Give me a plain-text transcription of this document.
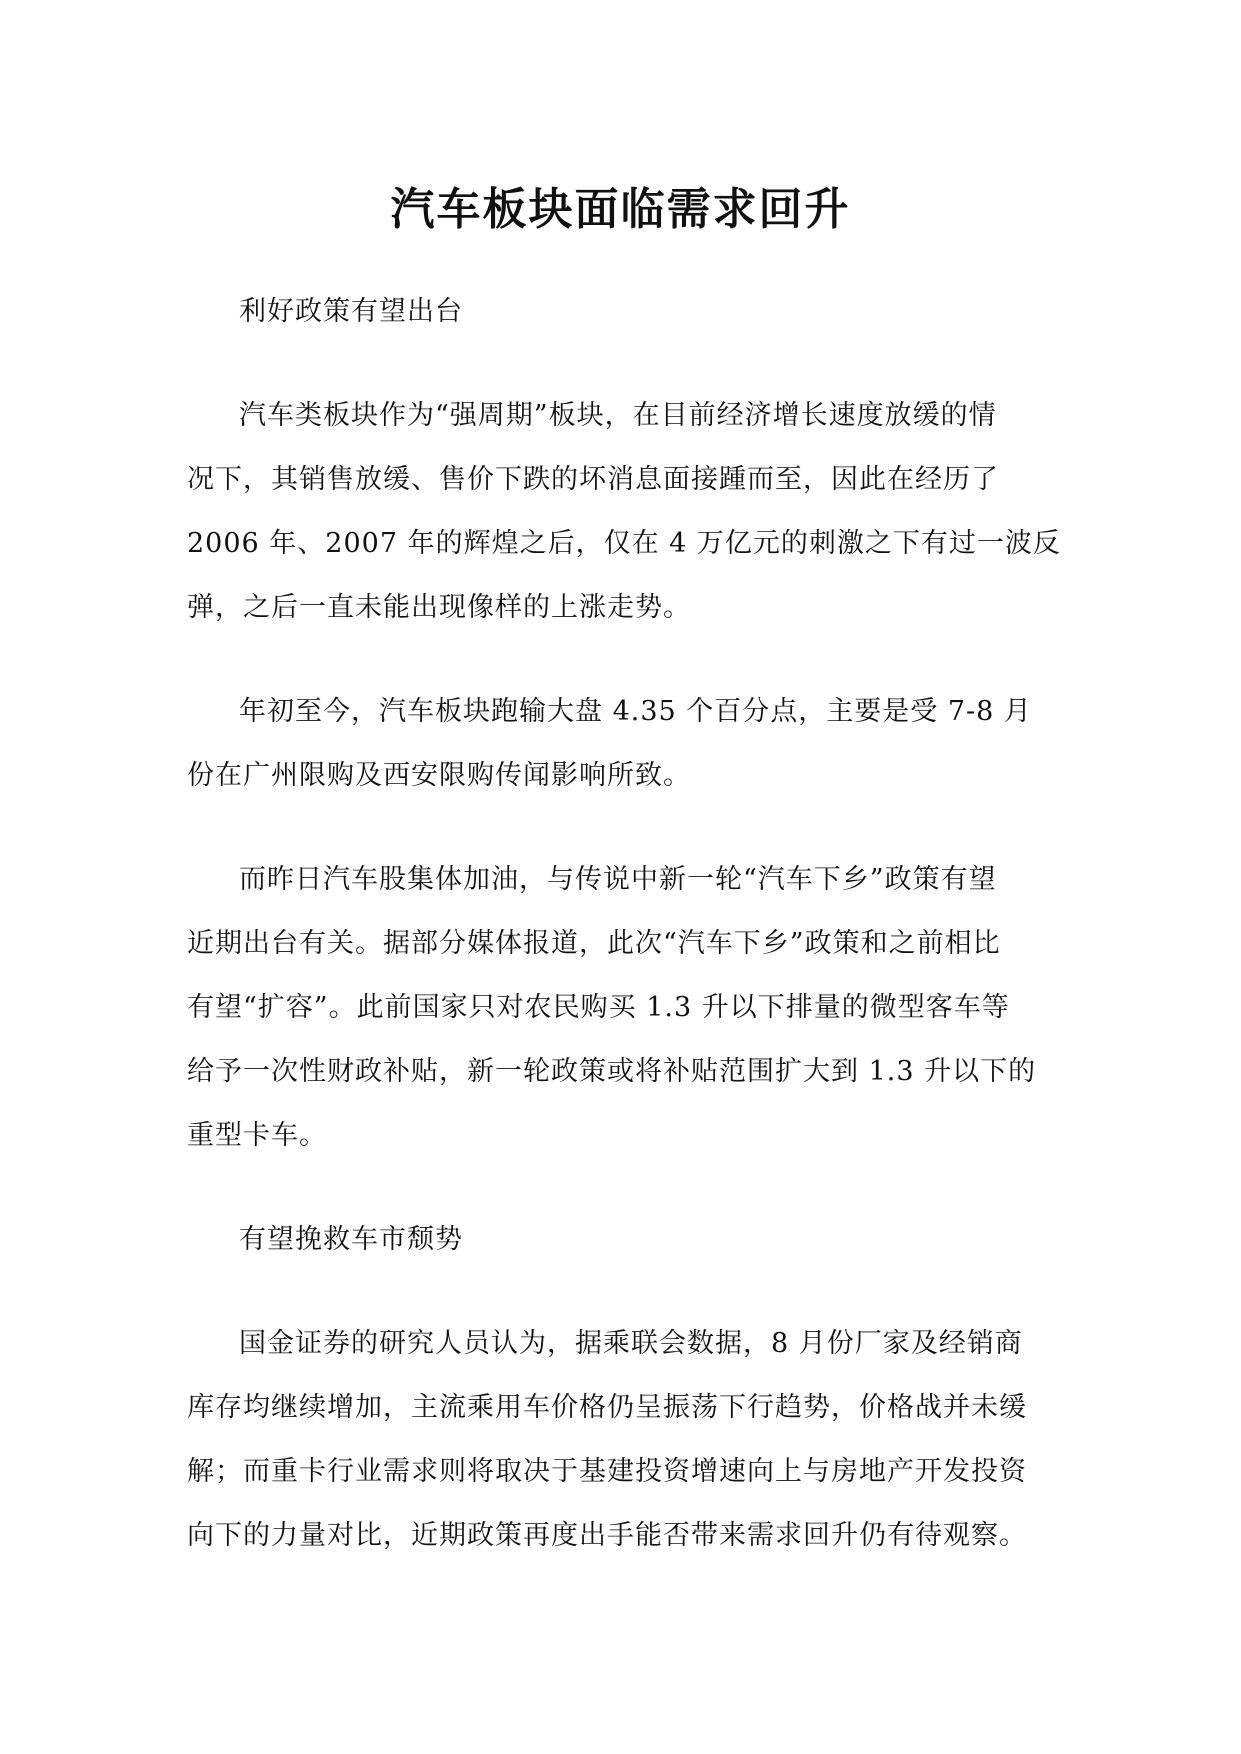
汽车板块面临需求回升
利好政策有望出台
汽车类板块作为“强周期”板块，在目前经济增长速度放缓的情
况下，其销售放缓、售价下跌的坏消息面接踵而至，因此在经历了
2006 年、2007 年的辉煌之后，仅在 4 万亿元的刺激之下有过一波反
弹，之后一直未能出现像样的上涨走势。
年初至今，汽车板块跑输大盘 4.35 个百分点，主要是受 7-8 月
份在广州限购及西安限购传闻影响所致。
而昨日汽车股集体加油，与传说中新一轮“汽车下乡”政策有望
近期出台有关。据部分媒体报道，此次“汽车下乡”政策和之前相比
有望“扩容”。此前国家只对农民购买 1.3 升以下排量的微型客车等
给予一次性财政补贴，新一轮政策或将补贴范围扩大到 1.3 升以下的
重型卡车。
有望挽救车市颓势
国金证券的研究人员认为，据乘联会数据，8 月份厂家及经销商
库存均继续增加，主流乘用车价格仍呈振荡下行趋势，价格战并未缓
解；而重卡行业需求则将取决于基建投资增速向上与房地产开发投资
向下的力量对比，近期政策再度出手能否带来需求回升仍有待观察。
